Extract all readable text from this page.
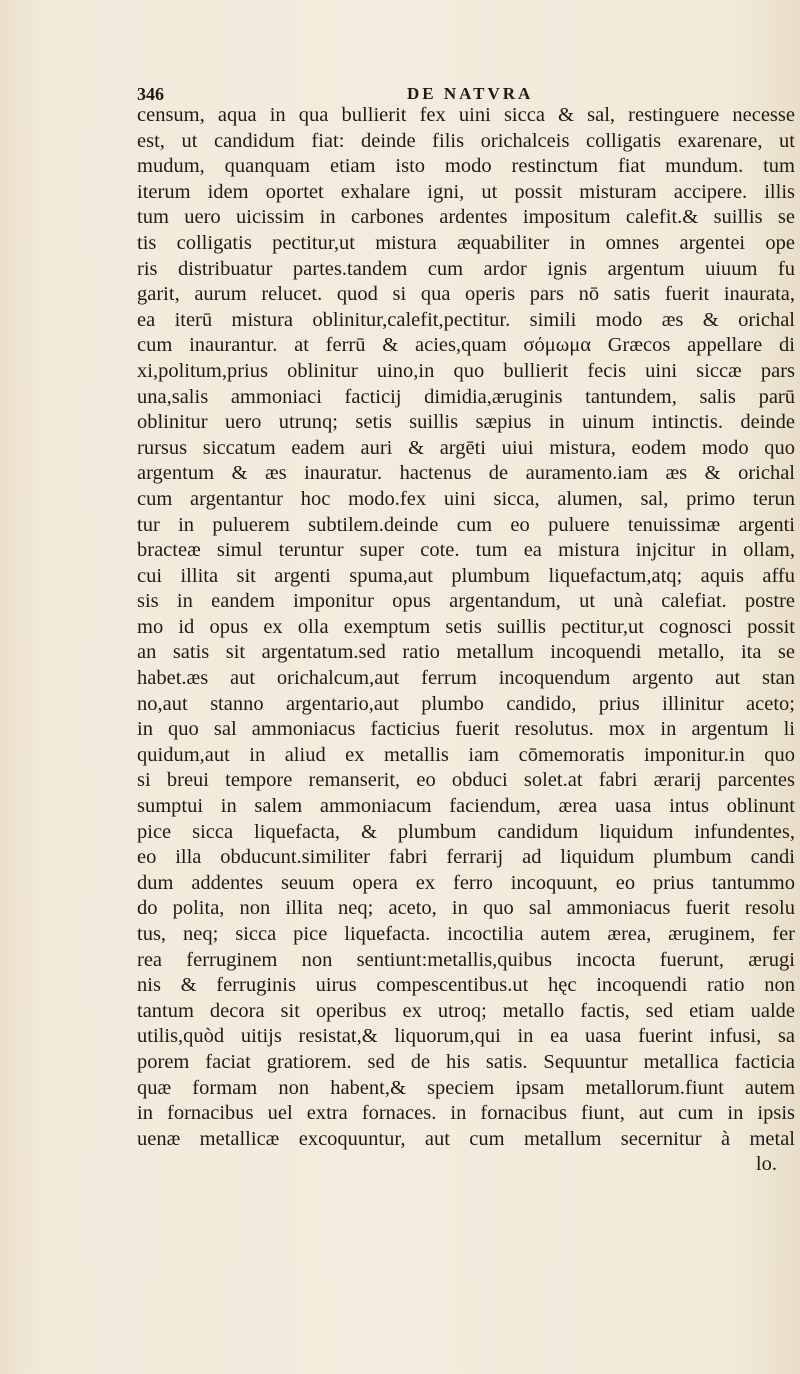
346	DE NATVRA
censum, aqua in qua bullierit fex uini sicca & sal, restinguere necesse
est, ut candidum fiat: deinde filis orichalceis colligatis exarenare, ut
mudum, quanquam etiam isto modo restinctum fiat mundum. tum
iterum idem oportet exhalare igni, ut possit misturam accipere. illis
tum uero uicissim in carbones ardentes impositum calefit.& suillis se
tis colligatis pectitur,ut mistura æquabiliter in omnes argentei ope
ris distribuatur partes.tandem cum ardor ignis argentum uiuum fu
garit, aurum relucet. quod si qua operis pars nō satis fuerit inaurata,
ea iterū mistura oblinitur,calefit,pectitur. simili modo æs & orichal
cum inaurantur. at ferrū & acies,quam σόμωμα Græcos appellare di
xi,politum,prius oblinitur uino,in quo bullierit fecis uini siccæ pars
una,salis ammoniaci facticij dimidia,æruginis tantundem, salis parū
oblinitur uero utrunq; setis suillis sæpius in uinum intinctis. deinde
rursus siccatum eadem auri & argēti uiui mistura, eodem modo quo
argentum & æs inauratur. hactenus de auramento.iam æs & orichal
cum argentantur hoc modo.fex uini sicca, alumen, sal, primo terun
tur in puluerem subtilem.deinde cum eo puluere tenuissimæ argenti
bracteæ simul teruntur super cote. tum ea mistura injcitur in ollam,
cui illita sit argenti spuma,aut plumbum liquefactum,atq; aquis affu
sis in eandem imponitur opus argentandum, ut unà calefiat. postre
mo id opus ex olla exemptum setis suillis pectitur,ut cognosci possit
an satis sit argentatum.sed ratio metallum incoquendi metallo, ita se
habet.æs aut orichalcum,aut ferrum incoquendum argento aut stan
no,aut stanno argentario,aut plumbo candido, prius illinitur aceto;
in quo sal ammoniacus facticius fuerit resolutus. mox in argentum li
quidum,aut in aliud ex metallis iam cōmemoratis imponitur.in quo
si breui tempore remanserit, eo obduci solet.at fabri ærarij parcentes
sumptui in salem ammoniacum faciendum, ærea uasa intus oblinunt
pice sicca liquefacta, & plumbum candidum liquidum infundentes,
eo illa obducunt.similiter fabri ferrarij ad liquidum plumbum candi
dum addentes seuum opera ex ferro incoquunt, eo prius tantummo
do polita, non illita neq; aceto, in quo sal ammoniacus fuerit resolu
tus, neq; sicca pice liquefacta. incoctilia autem ærea, æruginem, fer
rea ferruginem non sentiunt:metallis,quibus incocta fuerunt, ærugi
nis & ferruginis uirus compescentibus.ut hęc incoquendi ratio non
tantum decora sit operibus ex utroq; metallo factis, sed etiam ualde
utilis,quòd uitijs resistat,& liquorum,qui in ea uasa fuerint infusi, sa
porem faciat gratiorem. sed de his satis. Sequuntur metallica facticia
quæ formam non habent,& speciem ipsam metallorum.fiunt autem
in fornacibus uel extra fornaces. in fornacibus fiunt, aut cum in ipsis
uenæ metallicæ excoquuntur, aut cum metallum secernitur à metal
lo.
